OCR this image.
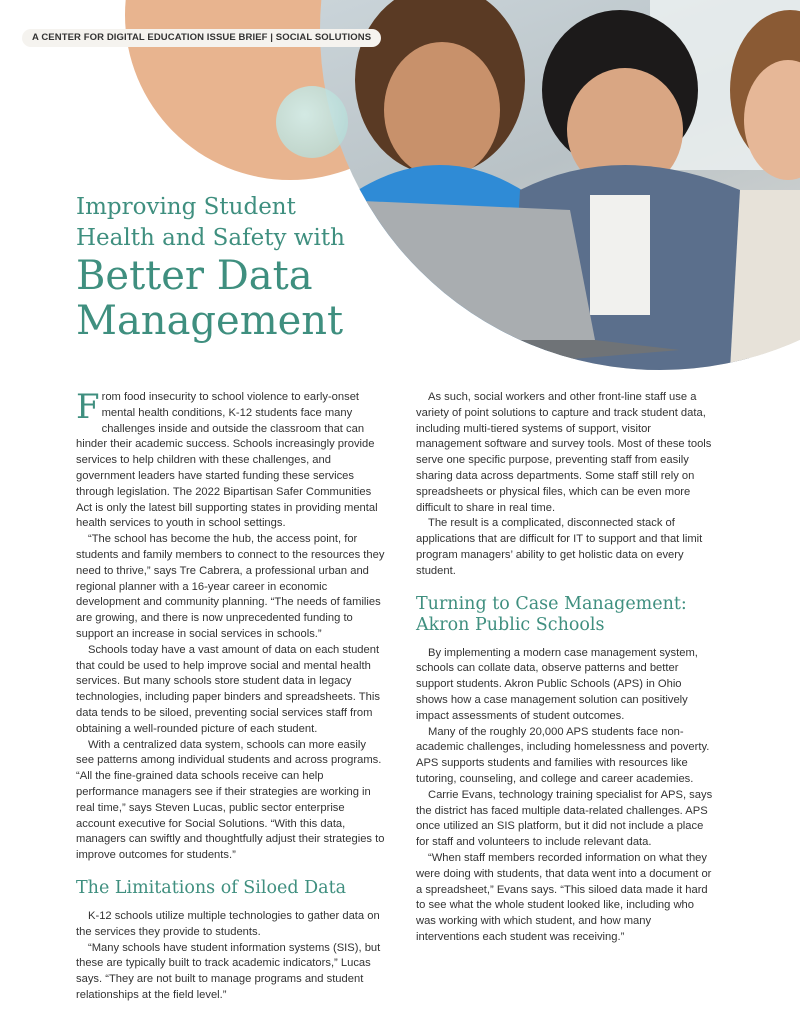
A CENTER FOR DIGITAL EDUCATION ISSUE BRIEF | SOCIAL SOLUTIONS
Improving Student
Health and Safety with
Better Data
Management

From food insecurity to school violence to early-onset mental health conditions, K-12 students face many challenges inside and outside the classroom that can hinder their academic success. Schools increasingly provide services to help children with these challenges, and government leaders have started funding these services through legislation. The 2022 Bipartisan Safer Communities Act is only the latest bill supporting states in providing mental health services to youth in school settings.

“The school has become the hub, the access point, for students and family members to connect to the resources they need to thrive,” says Tre Cabrera, a professional urban and regional planner with a 16-year career in economic development and community planning. “The needs of families are growing, and there is now unprecedented funding to support an increase in social services in schools.”

Schools today have a vast amount of data on each student that could be used to help improve social and mental health services. But many schools store student data in legacy technologies, including paper binders and spreadsheets. This data tends to be siloed, preventing social services staff from obtaining a well-rounded picture of each student.

With a centralized data system, schools can more easily see patterns among individual students and across programs. “All the fine-grained data schools receive can help performance managers see if their strategies are working in real time,” says Steven Lucas, public sector enterprise account executive for Social Solutions. “With this data, managers can swiftly and thoughtfully adjust their strategies to improve outcomes for students.”

The Limitations of Siloed Data

K-12 schools utilize multiple technologies to gather data on the services they provide to students.

“Many schools have student information systems (SIS), but these are typically built to track academic indicators,” Lucas says. “They are not built to manage programs and student relationships at the field level.”

As such, social workers and other front-line staff use a variety of point solutions to capture and track student data, including multi-tiered systems of support, visitor management software and survey tools. Most of these tools serve one specific purpose, preventing staff from easily sharing data across departments. Some staff still rely on spreadsheets or physical files, which can be even more difficult to share in real time.

The result is a complicated, disconnected stack of applications that are difficult for IT to support and that limit program managers’ ability to get holistic data on every student.

Turning to Case Management:
Akron Public Schools

By implementing a modern case management system, schools can collate data, observe patterns and better support students. Akron Public Schools (APS) in Ohio shows how a case management solution can positively impact assessments of student outcomes.

Many of the roughly 20,000 APS students face non-academic challenges, including homelessness and poverty. APS supports students and families with resources like tutoring, counseling, and college and career academies.

Carrie Evans, technology training specialist for APS, says the district has faced multiple data-related challenges. APS once utilized an SIS platform, but it did not include a place for staff and volunteers to include relevant data.

“When staff members recorded information on what they were doing with students, that data went into a document or a spreadsheet,” Evans says. “This siloed data made it hard to see what the whole student looked like, including who was working with which student, and how many interventions each student was receiving.”
